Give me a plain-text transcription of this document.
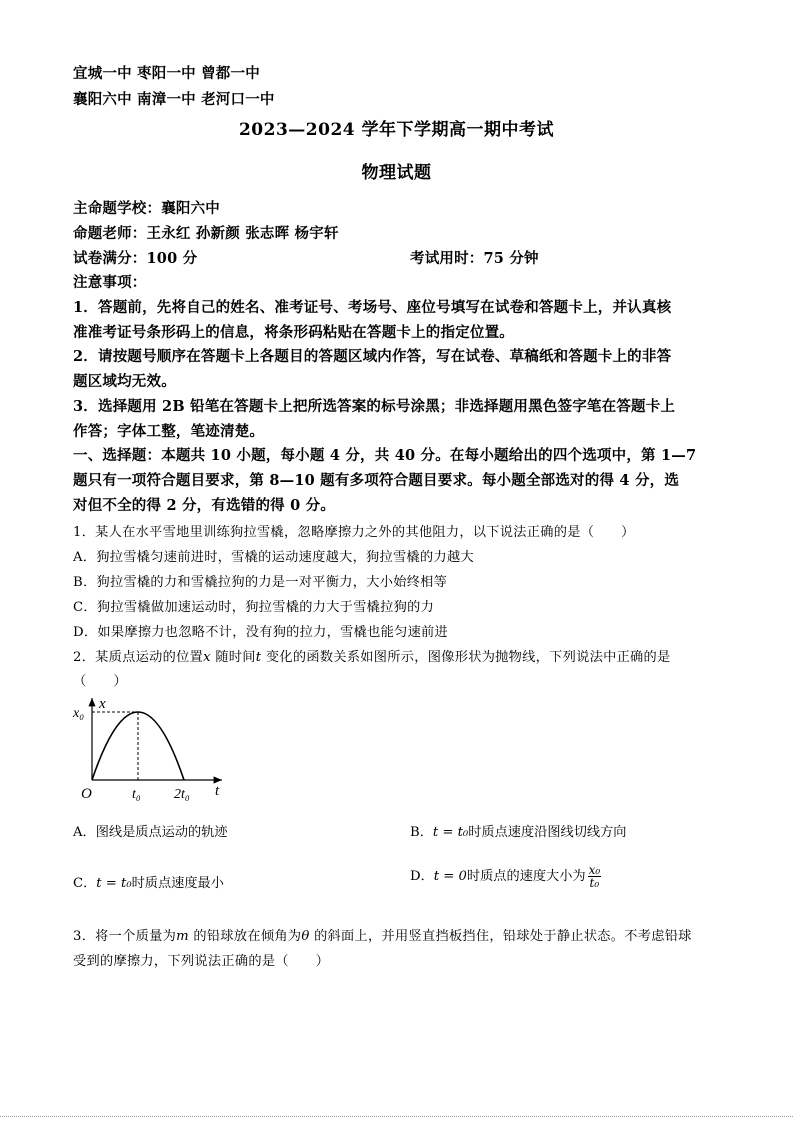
宜城一中 枣阳一中 曾都一中
襄阳六中 南漳一中 老河口一中
2023—2024 学年下学期高一期中考试
物理试题
主命题学校：襄阳六中
命题老师：王永红 孙新颜 张志晖 杨宇轩
试卷满分：100 分	考试用时：75 分钟
注意事项：
1．答题前，先将自己的姓名、准考证号、考场号、座位号填写在试卷和答题卡上，并认真核
准准考证号条形码上的信息，将条形码粘贴在答题卡上的指定位置。
2．请按题号顺序在答题卡上各题目的答题区域内作答，写在试卷、草稿纸和答题卡上的非答
题区域均无效。
3．选择题用 2B 铅笔在答题卡上把所选答案的标号涂黑；非选择题用黑色签字笔在答题卡上
作答；字体工整，笔迹清楚。
一、选择题：本题共 10 小题，每小题 4 分，共 40 分。在每小题给出的四个选项中，第 1—7
题只有一项符合题目要求，第 8—10 题有多项符合题目要求。每小题全部选对的得 4 分，选
对但不全的得 2 分，有选错的得 0 分。
1．某人在水平雪地里训练狗拉雪橇，忽略摩擦力之外的其他阻力，以下说法正确的是（　　）
A．狗拉雪橇匀速前进时，雪橇的运动速度越大，狗拉雪橇的力越大
B．狗拉雪橇的力和雪橇拉狗的力是一对平衡力，大小始终相等
C．狗拉雪橇做加速运动时，狗拉雪橇的力大于雪橇拉狗的力
D．如果摩擦力也忽略不计，没有狗的拉力，雪橇也能匀速前进
2．某质点运动的位置x 随时间t 变化的函数关系如图所示，图像形状为抛物线，下列说法中正确的是
（　　）
x
t
O
x₀
t₀ 2t₀
A．图线是质点运动的轨迹	B．t = t₀时质点速度沿图线切线方向
C．t = t₀时质点速度最小	D．t = 0时质点的速度大小为 $\frac{\text{x₀}}{\text{t₀}}$
3．将一个质量为m 的铅球放在倾角为θ 的斜面上，并用竖直挡板挡住，铅球处于静止状态。不考虑铅球
受到的摩擦力，下列说法正确的是（　　）
